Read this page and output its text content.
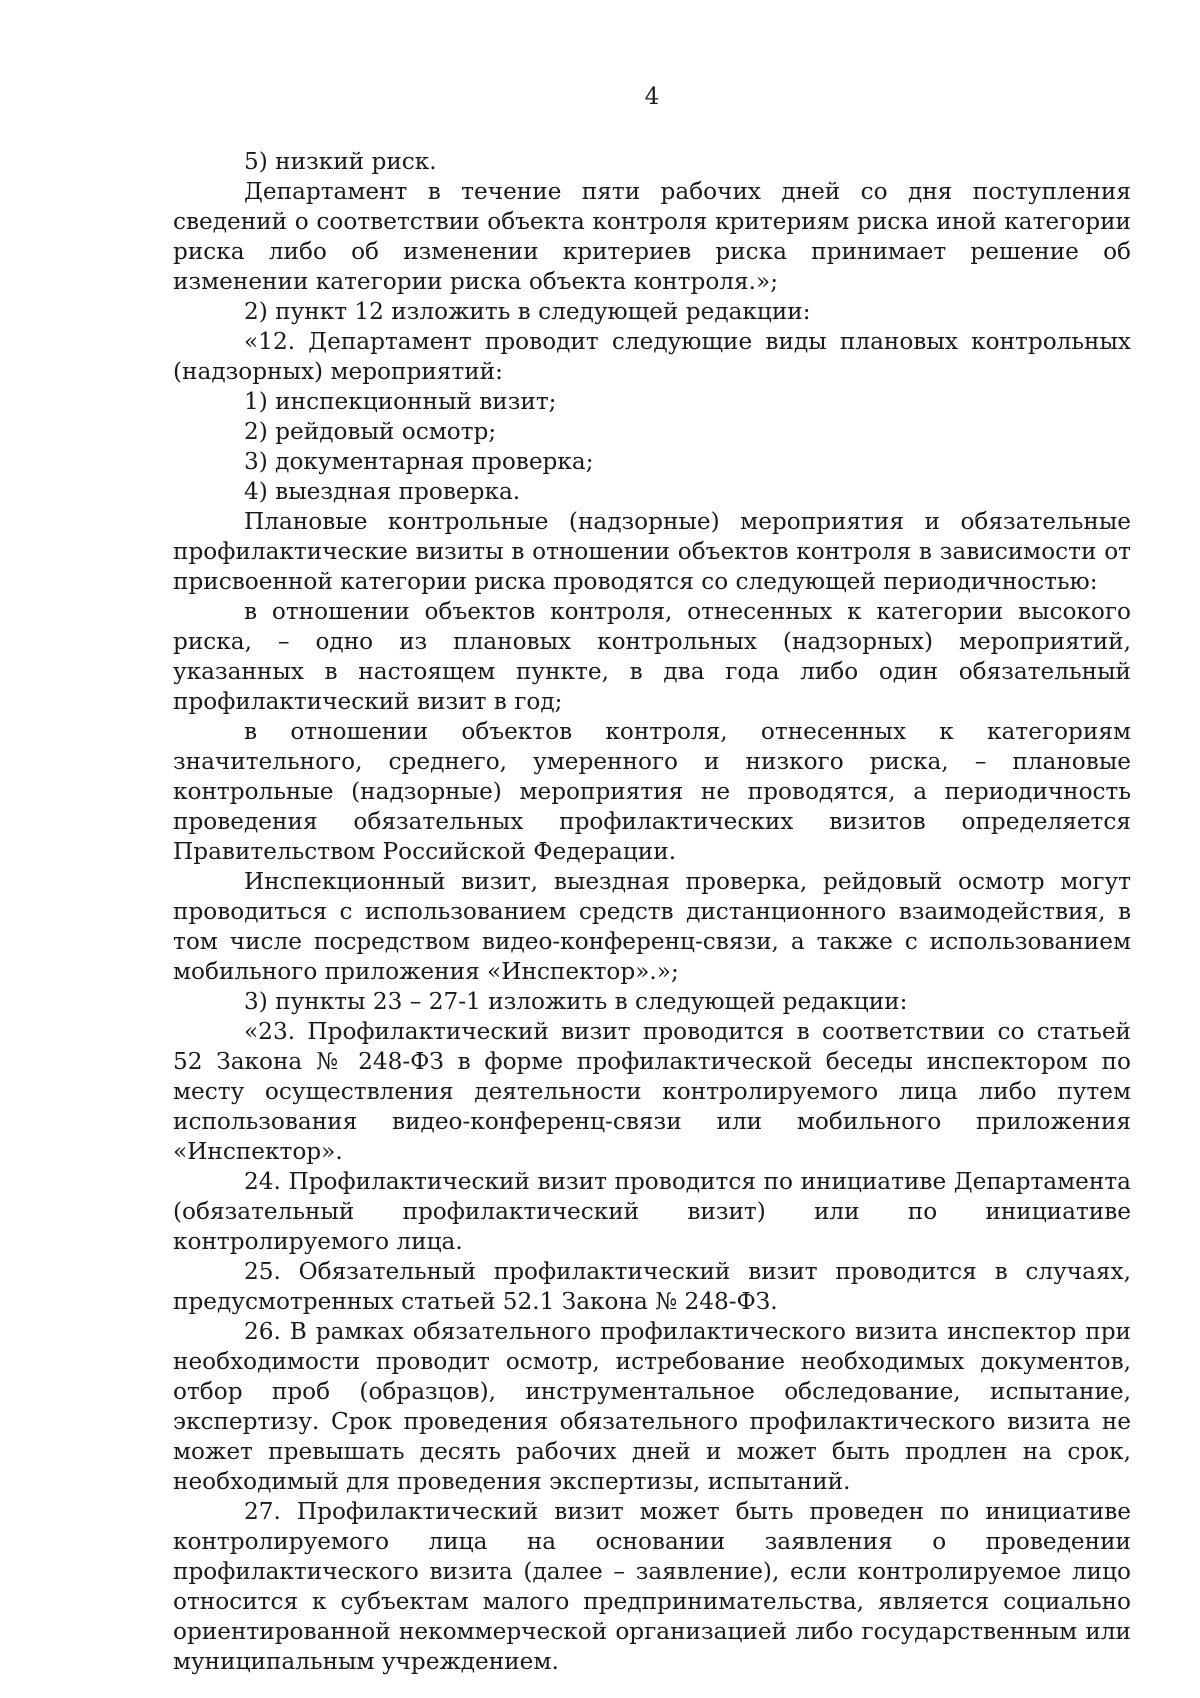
4

5) низкий риск.

Департамент в течение пяти рабочих дней со дня поступления сведений о соответствии объекта контроля критериям риска иной категории риска либо об изменении критериев риска принимает решение об изменении категории риска объекта контроля.»;

2) пункт 12 изложить в следующей редакции:

«12. Департамент проводит следующие виды плановых контрольных (надзорных) мероприятий:

1) инспекционный визит;

2) рейдовый осмотр;

3) документарная проверка;

4) выездная проверка.

Плановые контрольные (надзорные) мероприятия и обязательные профилактические визиты в отношении объектов контроля в зависимости от присвоенной категории риска проводятся со следующей периодичностью:

в отношении объектов контроля, отнесенных к категории высокого риска, – одно из плановых контрольных (надзорных) мероприятий, указанных в настоящем пункте, в два года либо один обязательный профилактический визит в год;

в отношении объектов контроля, отнесенных к категориям значительного, среднего, умеренного и низкого риска, – плановые контрольные (надзорные) мероприятия не проводятся, а периодичность проведения обязательных профилактических визитов определяется Правительством Российской Федерации.

Инспекционный визит, выездная проверка, рейдовый осмотр могут проводиться с использованием средств дистанционного взаимодействия, в том числе посредством видео-конференц-связи, а также с использованием мобильного приложения «Инспектор».»;

3) пункты 23 – 27-1 изложить в следующей редакции:

«23. Профилактический визит проводится в соответствии со статьей 52 Закона № 248-ФЗ в форме профилактической беседы инспектором по месту осуществления деятельности контролируемого лица либо путем использования видео-конференц-связи или мобильного приложения «Инспектор».

24. Профилактический визит проводится по инициативе Департамента (обязательный профилактический визит) или по инициативе контролируемого лица.

25. Обязательный профилактический визит проводится в случаях, предусмотренных статьей 52.1 Закона № 248-ФЗ.

26. В рамках обязательного профилактического визита инспектор при необходимости проводит осмотр, истребование необходимых документов, отбор проб (образцов), инструментальное обследование, испытание, экспертизу. Срок проведения обязательного профилактического визита не может превышать десять рабочих дней и может быть продлен на срок, необходимый для проведения экспертизы, испытаний.

27. Профилактический визит может быть проведен по инициативе контролируемого лица на основании заявления о проведении профилактического визита (далее – заявление), если контролируемое лицо относится к субъектам малого предпринимательства, является социально ориентированной некоммерческой организацией либо государственным или муниципальным учреждением.
